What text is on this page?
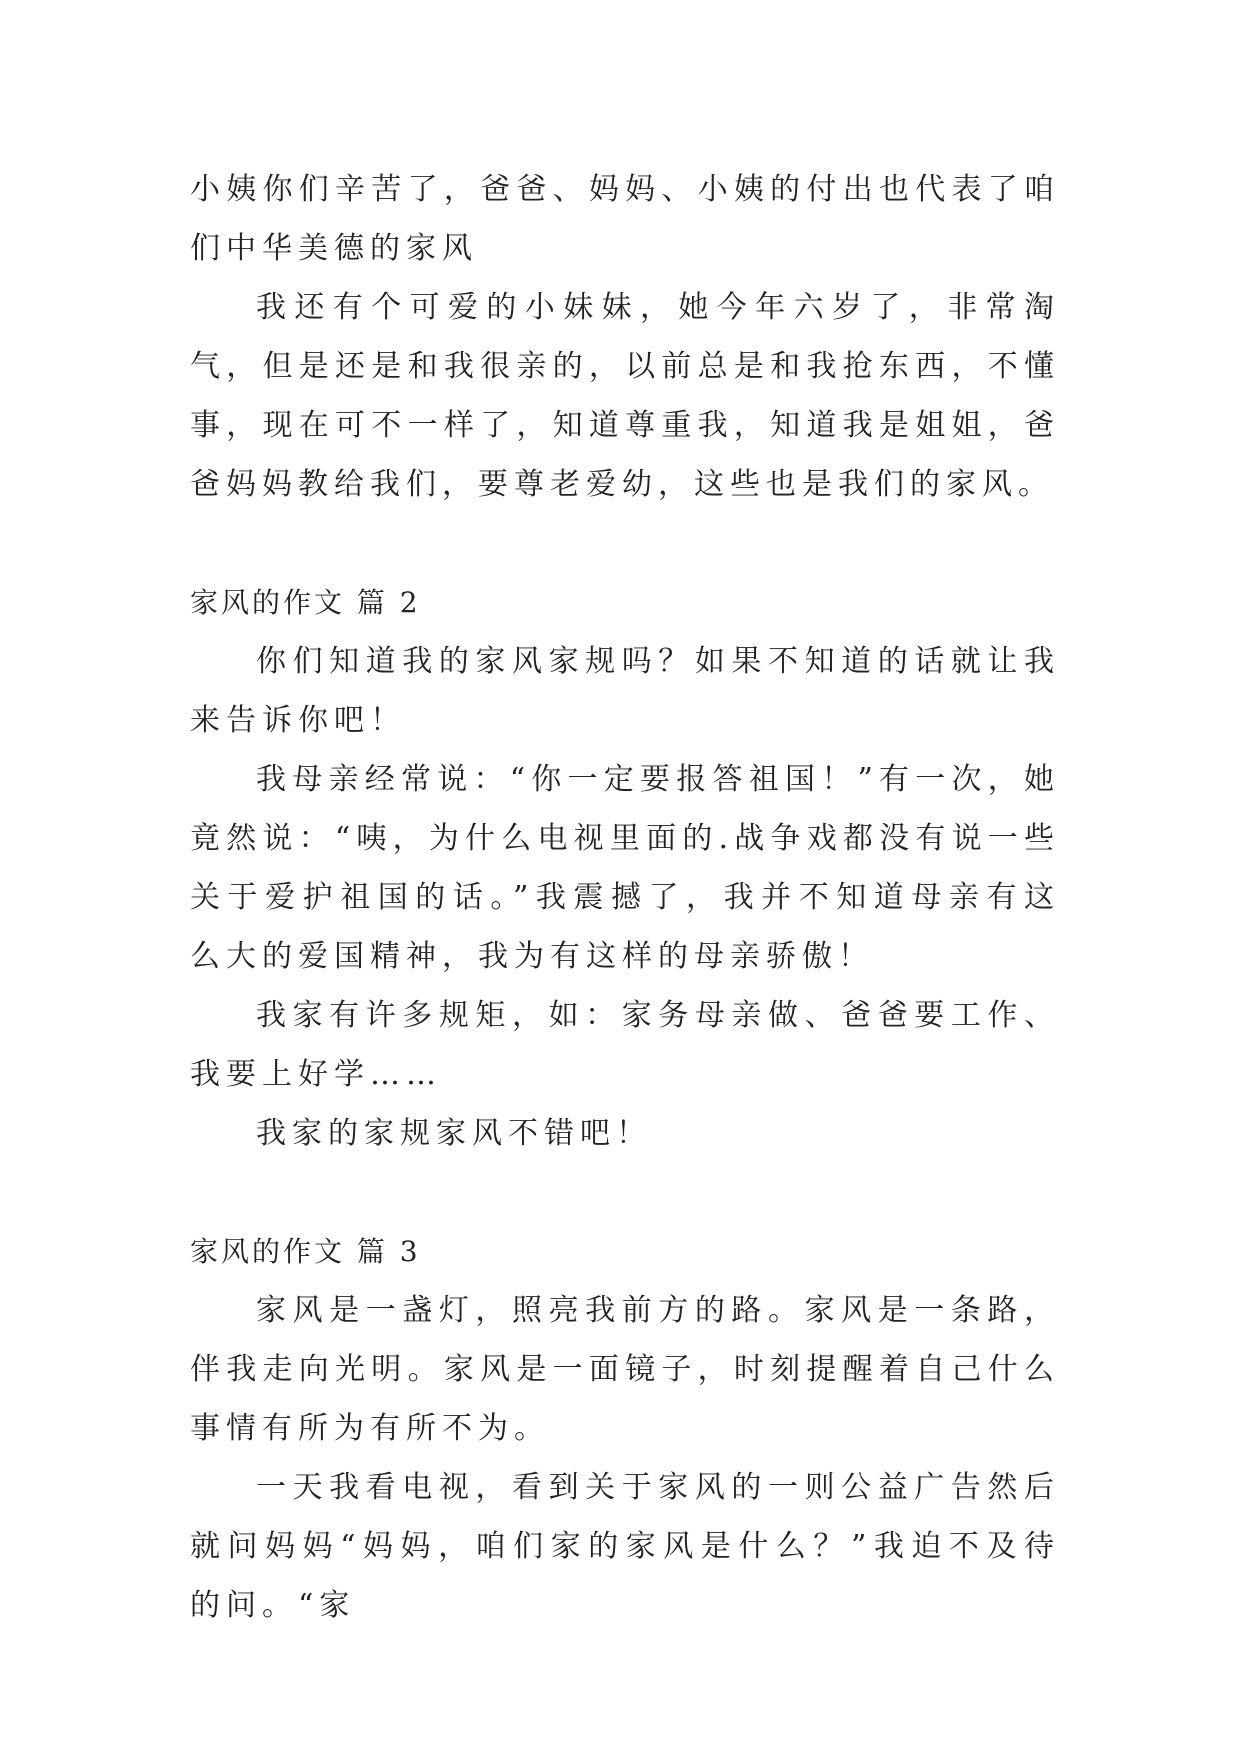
小姨你们辛苦了，爸爸、妈妈、小姨的付出也代表了咱们中华美德的家风

我还有个可爱的小妹妹，她今年六岁了，非常淘气，但是还是和我很亲的，以前总是和我抢东西，不懂事，现在可不一样了，知道尊重我，知道我是姐姐，爸爸妈妈教给我们，要尊老爱幼，这些也是我们的家风。

家风的作文 篇 2

你们知道我的家风家规吗？如果不知道的话就让我来告诉你吧！

我母亲经常说：“你一定要报答祖国！”有一次，她竟然说：“咦，为什么电视里面的.战争戏都没有说一些关于爱护祖国的话。”我震撼了，我并不知道母亲有这么大的爱国精神，我为有这样的母亲骄傲！

我家有许多规矩，如：家务母亲做、爸爸要工作、我要上好学……

我家的家规家风不错吧！

家风的作文 篇 3

家风是一盏灯，照亮我前方的路。家风是一条路，伴我走向光明。家风是一面镜子，时刻提醒着自己什么事情有所为有所不为。

一天我看电视，看到关于家风的一则公益广告然后就问妈妈“妈妈，咱们家的家风是什么？”我迫不及待的问。“家
